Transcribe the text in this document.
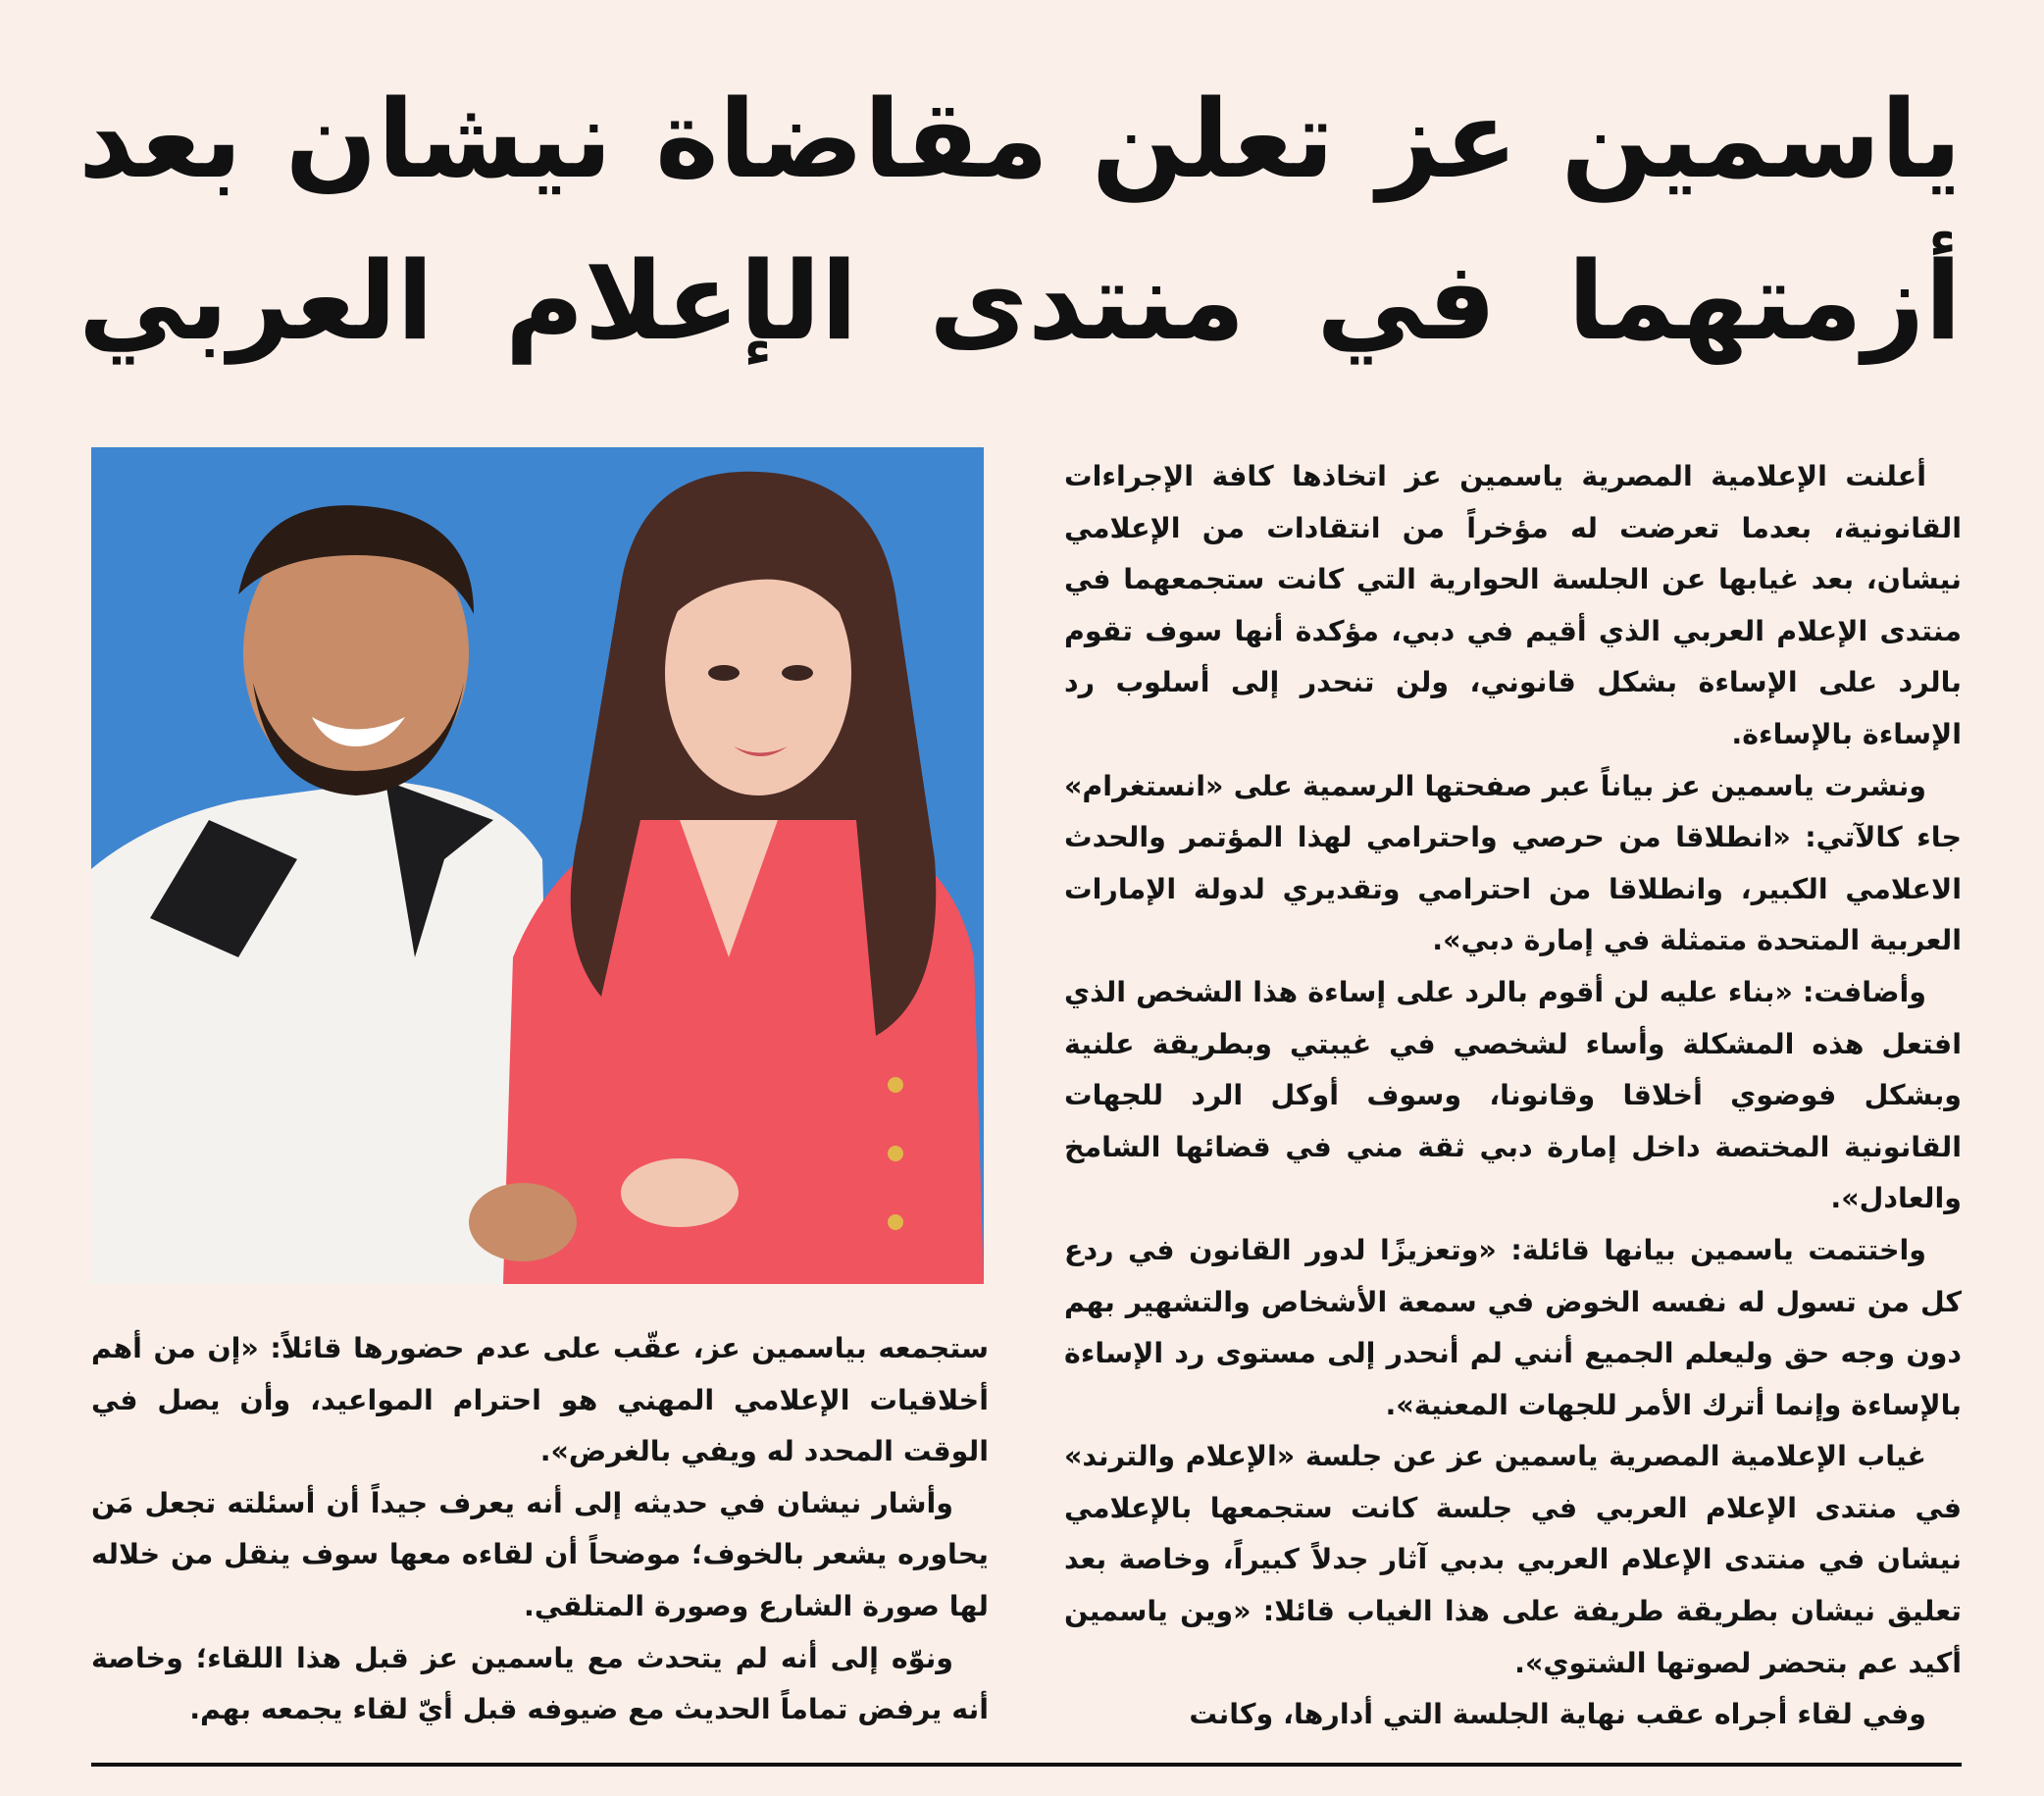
ياسمين عز تعلن مقاضاة نيشان بعد
أزمتهما في منتدى الإعلام العربي

أعلنت الإعلامية المصرية ياسمين عز اتخاذها كافة الإجراءات القانونية، بعدما تعرضت له مؤخراً من انتقادات من الإعلامي نيشان، بعد غيابها عن الجلسة الحوارية التي كانت ستجمعهما في منتدى الإعلام العربي الذي أقيم في دبي، مؤكدة أنها سوف تقوم بالرد على الإساءة بشكل قانوني، ولن تنحدر إلى أسلوب رد الإساءة بالإساءة.

ونشرت ياسمين عز بياناً عبر صفحتها الرسمية على «انستغرام» جاء كالآتي: «انطلاقا من حرصي واحترامي لهذا المؤتمر والحدث الاعلامي الكبير، وانطلاقا من احترامي وتقديري لدولة الإمارات العربية المتحدة متمثلة في إمارة دبي».

وأضافت: «بناء عليه لن أقوم بالرد على إساءة هذا الشخص الذي افتعل هذه المشكلة وأساء لشخصي في غيبتي وبطريقة علنية وبشكل فوضوي أخلاقا وقانونا، وسوف أوكل الرد للجهات القانونية المختصة داخل إمارة دبي ثقة مني في قضائها الشامخ والعادل».

واختتمت ياسمين بيانها قائلة: «وتعزيزًا لدور القانون في ردع كل من تسول له نفسه الخوض في سمعة الأشخاص والتشهير بهم دون وجه حق وليعلم الجميع أنني لم أنحدر إلى مستوى رد الإساءة بالإساءة وإنما أترك الأمر للجهات المعنية».

غياب الإعلامية المصرية ياسمين عز عن جلسة «الإعلام والترند» في منتدى الإعلام العربي في جلسة كانت ستجمعها بالإعلامي نيشان في منتدى الإعلام العربي بدبي آثار جدلاً كبيراً، وخاصة بعد تعليق نيشان بطريقة طريفة على هذا الغياب قائلا: «وين ياسمين أكيد عم بتحضر لصوتها الشتوي».

وفي لقاء أجراه عقب نهاية الجلسة التي أدارها، وكانت

ستجمعه بياسمين عز، عقّب على عدم حضورها قائلاً: «إن من أهم أخلاقيات الإعلامي المهني هو احترام المواعيد، وأن يصل في الوقت المحدد له ويفي بالغرض».

وأشار نيشان في حديثه إلى أنه يعرف جيداً أن أسئلته تجعل مَن يحاوره يشعر بالخوف؛ موضحاً أن لقاءه معها سوف ينقل من خلاله لها صورة الشارع وصورة المتلقي.

ونوّه إلى أنه لم يتحدث مع ياسمين عز قبل هذا اللقاء؛ وخاصة أنه يرفض تماماً الحديث مع ضيوفه قبل أيّ لقاء يجمعه بهم.
